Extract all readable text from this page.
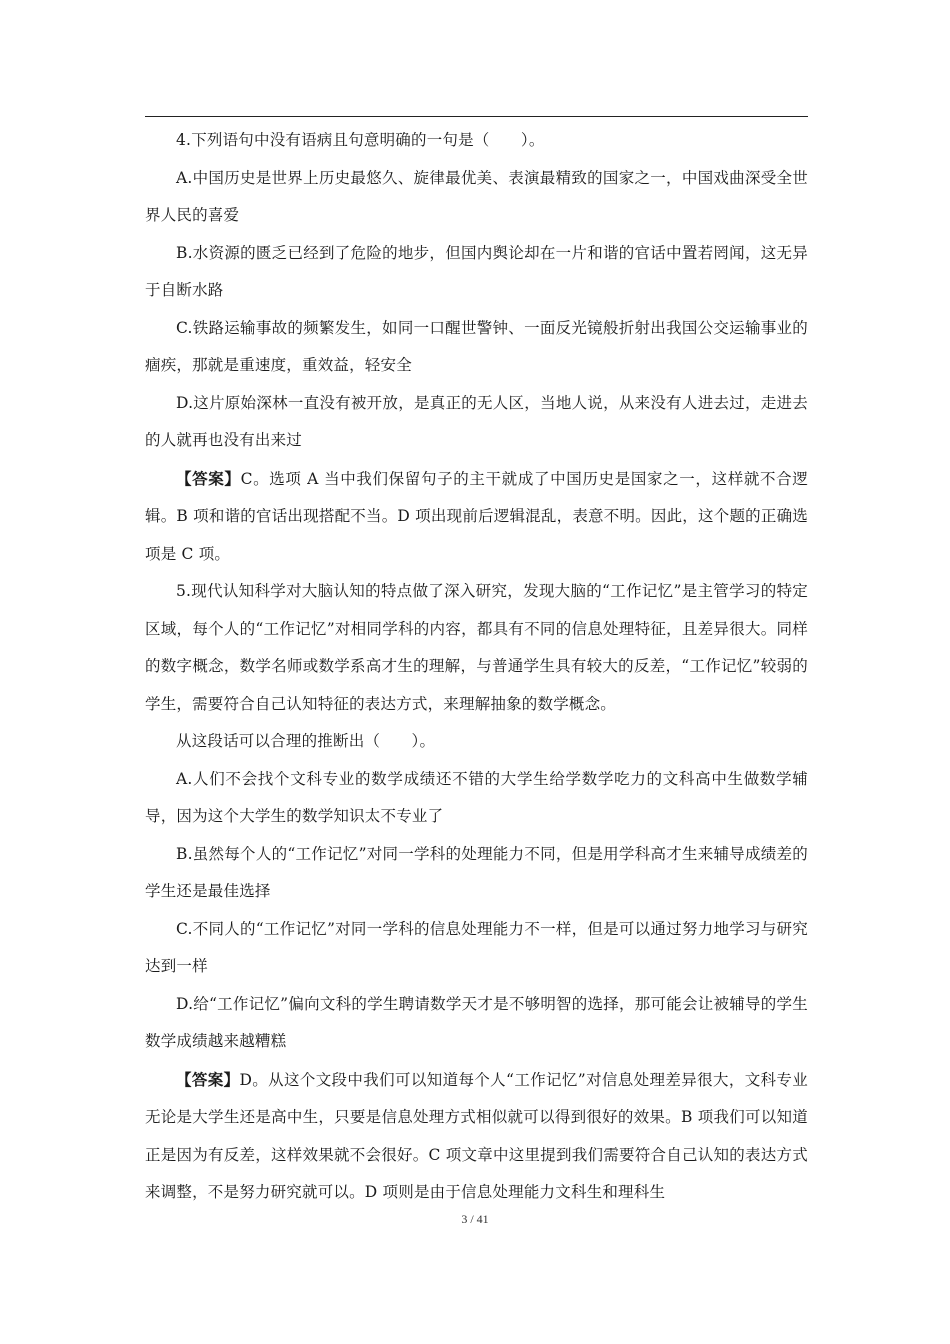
4.下列语句中没有语病且句意明确的一句是（　　）。

A.中国历史是世界上历史最悠久、旋律最优美、表演最精致的国家之一，中国戏曲深受全世界人民的喜爱

B.水资源的匮乏已经到了危险的地步，但国内舆论却在一片和谐的官话中置若罔闻，这无异于自断水路

C.铁路运输事故的频繁发生，如同一口醒世警钟、一面反光镜般折射出我国公交运输事业的痼疾，那就是重速度，重效益，轻安全

D.这片原始深林一直没有被开放，是真正的无人区，当地人说，从来没有人进去过，走进去的人就再也没有出来过

【答案】C。选项 A 当中我们保留句子的主干就成了中国历史是国家之一，这样就不合逻辑。B 项和谐的官话出现搭配不当。D 项出现前后逻辑混乱，表意不明。因此，这个题的正确选项是 C 项。

5.现代认知科学对大脑认知的特点做了深入研究，发现大脑的“工作记忆”是主管学习的特定区域，每个人的“工作记忆”对相同学科的内容，都具有不同的信息处理特征，且差异很大。同样的数字概念，数学名师或数学系高才生的理解，与普通学生具有较大的反差，“工作记忆”较弱的学生，需要符合自己认知特征的表达方式，来理解抽象的数学概念。

从这段话可以合理的推断出（　　）。

A.人们不会找个文科专业的数学成绩还不错的大学生给学数学吃力的文科高中生做数学辅导，因为这个大学生的数学知识太不专业了

B.虽然每个人的“工作记忆”对同一学科的处理能力不同，但是用学科高才生来辅导成绩差的学生还是最佳选择

C.不同人的“工作记忆”对同一学科的信息处理能力不一样，但是可以通过努力地学习与研究达到一样

D.给“工作记忆”偏向文科的学生聘请数学天才是不够明智的选择，那可能会让被辅导的学生数学成绩越来越糟糕

【答案】D。从这个文段中我们可以知道每个人“工作记忆”对信息处理差异很大，文科专业无论是大学生还是高中生，只要是信息处理方式相似就可以得到很好的效果。B 项我们可以知道正是因为有反差，这样效果就不会很好。C 项文章中这里提到我们需要符合自己认知的表达方式来调整，不是努力研究就可以。D 项则是由于信息处理能力文科生和理科生

3 / 41
